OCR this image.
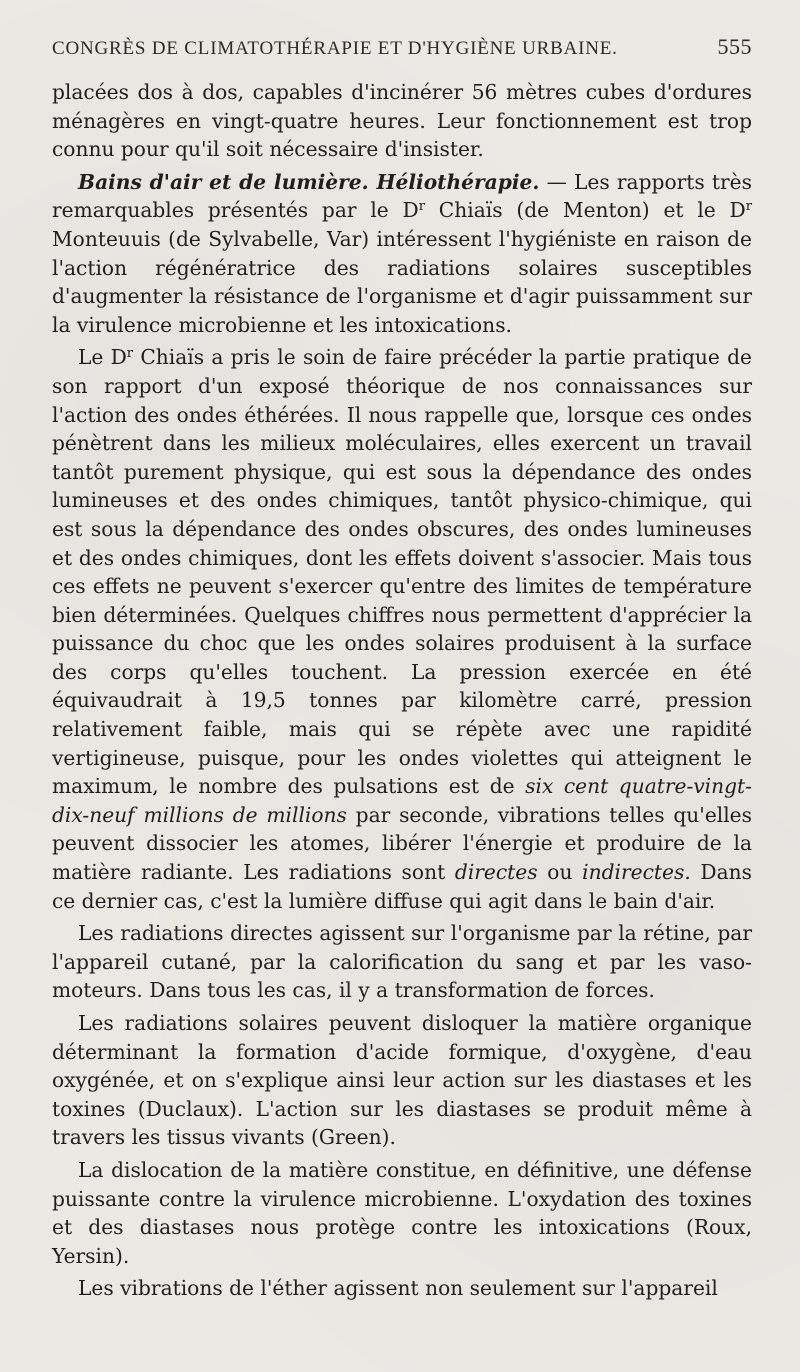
CONGRÈS DE CLIMATOTHÉRAPIE ET D'HYGIÈNE URBAINE.	555

placées dos à dos, capables d'incinérer 56 mètres cubes d'ordures ménagères en vingt-quatre heures. Leur fonctionnement est trop connu pour qu'il soit nécessaire d'insister.

Bains d'air et de lumière. Héliothérapie. — Les rapports très remarquables présentés par le $D^r$ Chiaïs (de Menton) et le $D^r$ Monteuuis (de Sylvabelle, Var) intéressent l'hygiéniste en raison de l'action régénératrice des radiations solaires susceptibles d'augmenter la résistance de l'organisme et d'agir puissamment sur la virulence microbienne et les intoxications.

Le $D^r$ Chiaïs a pris le soin de faire précéder la partie pratique de son rapport d'un exposé théorique de nos connaissances sur l'action des ondes éthérées. Il nous rappelle que, lorsque ces ondes pénètrent dans les milieux moléculaires, elles exercent un travail tantôt purement physique, qui est sous la dépendance des ondes lumineuses et des ondes chimiques, tantôt physico-chimique, qui est sous la dépendance des ondes obscures, des ondes lumineuses et des ondes chimiques, dont les effets doivent s'associer. Mais tous ces effets ne peuvent s'exercer qu'entre des limites de température bien déterminées. Quelques chiffres nous permettent d'apprécier la puissance du choc que les ondes solaires produisent à la surface des corps qu'elles touchent. La pression exercée en été équivaudrait à 19,5 tonnes par kilomètre carré, pression relativement faible, mais qui se répète avec une rapidité vertigineuse, puisque, pour les ondes violettes qui atteignent le maximum, le nombre des pulsations est de six cent quatre-vingt-dix-neuf millions de millions par seconde, vibrations telles qu'elles peuvent dissocier les atomes, libérer l'énergie et produire de la matière radiante. Les radiations sont directes ou indirectes. Dans ce dernier cas, c'est la lumière diffuse qui agit dans le bain d'air.

Les radiations directes agissent sur l'organisme par la rétine, par l'appareil cutané, par la calorification du sang et par les vaso-moteurs. Dans tous les cas, il y a transformation de forces.

Les radiations solaires peuvent disloquer la matière organique déterminant la formation d'acide formique, d'oxygène, d'eau oxygénée, et on s'explique ainsi leur action sur les diastases et les toxines (Duclaux). L'action sur les diastases se produit même à travers les tissus vivants (Green).

La dislocation de la matière constitue, en définitive, une défense puissante contre la virulence microbienne. L'oxydation des toxines et des diastases nous protège contre les intoxications (Roux, Yersin).

Les vibrations de l'éther agissent non seulement sur l'appareil
